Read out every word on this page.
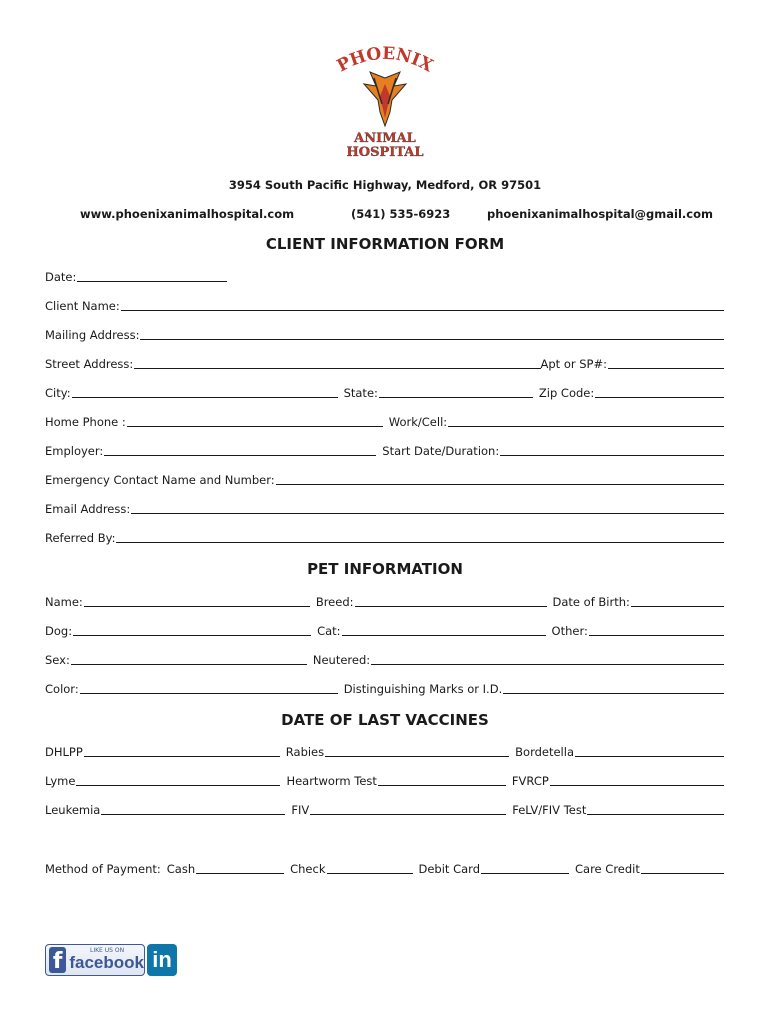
PHOENIX
ANIMAL
HOSPITAL
3954 South Pacific Highway, Medford, OR 97501
www.phoenixanimalhospital.com	(541) 535-6923	phoenixanimalhospital@gmail.com
CLIENT INFORMATION FORM
Date:
Client Name:
Mailing Address:
Street Address:	Apt or SP#:
City:	State:	Zip Code:
Home Phone :	Work/Cell:
Employer:	Start Date/Duration:
Emergency Contact Name and Number:
Email Address:
Referred By:
PET INFORMATION
Name:	Breed:	Date of Birth:
Dog:	Cat:	Other:
Sex:	Neutered:
Color:	Distinguishing Marks or I.D.
DATE OF LAST VACCINES
DHLPP	Rabies	Bordetella
Lyme	Heartworm Test	FVRCP
Leukemia	FIV	FeLV/FIV Test
Method of Payment: Cash	Check	Debit Card	Care Credit
LIKE US ON
f facebook in
